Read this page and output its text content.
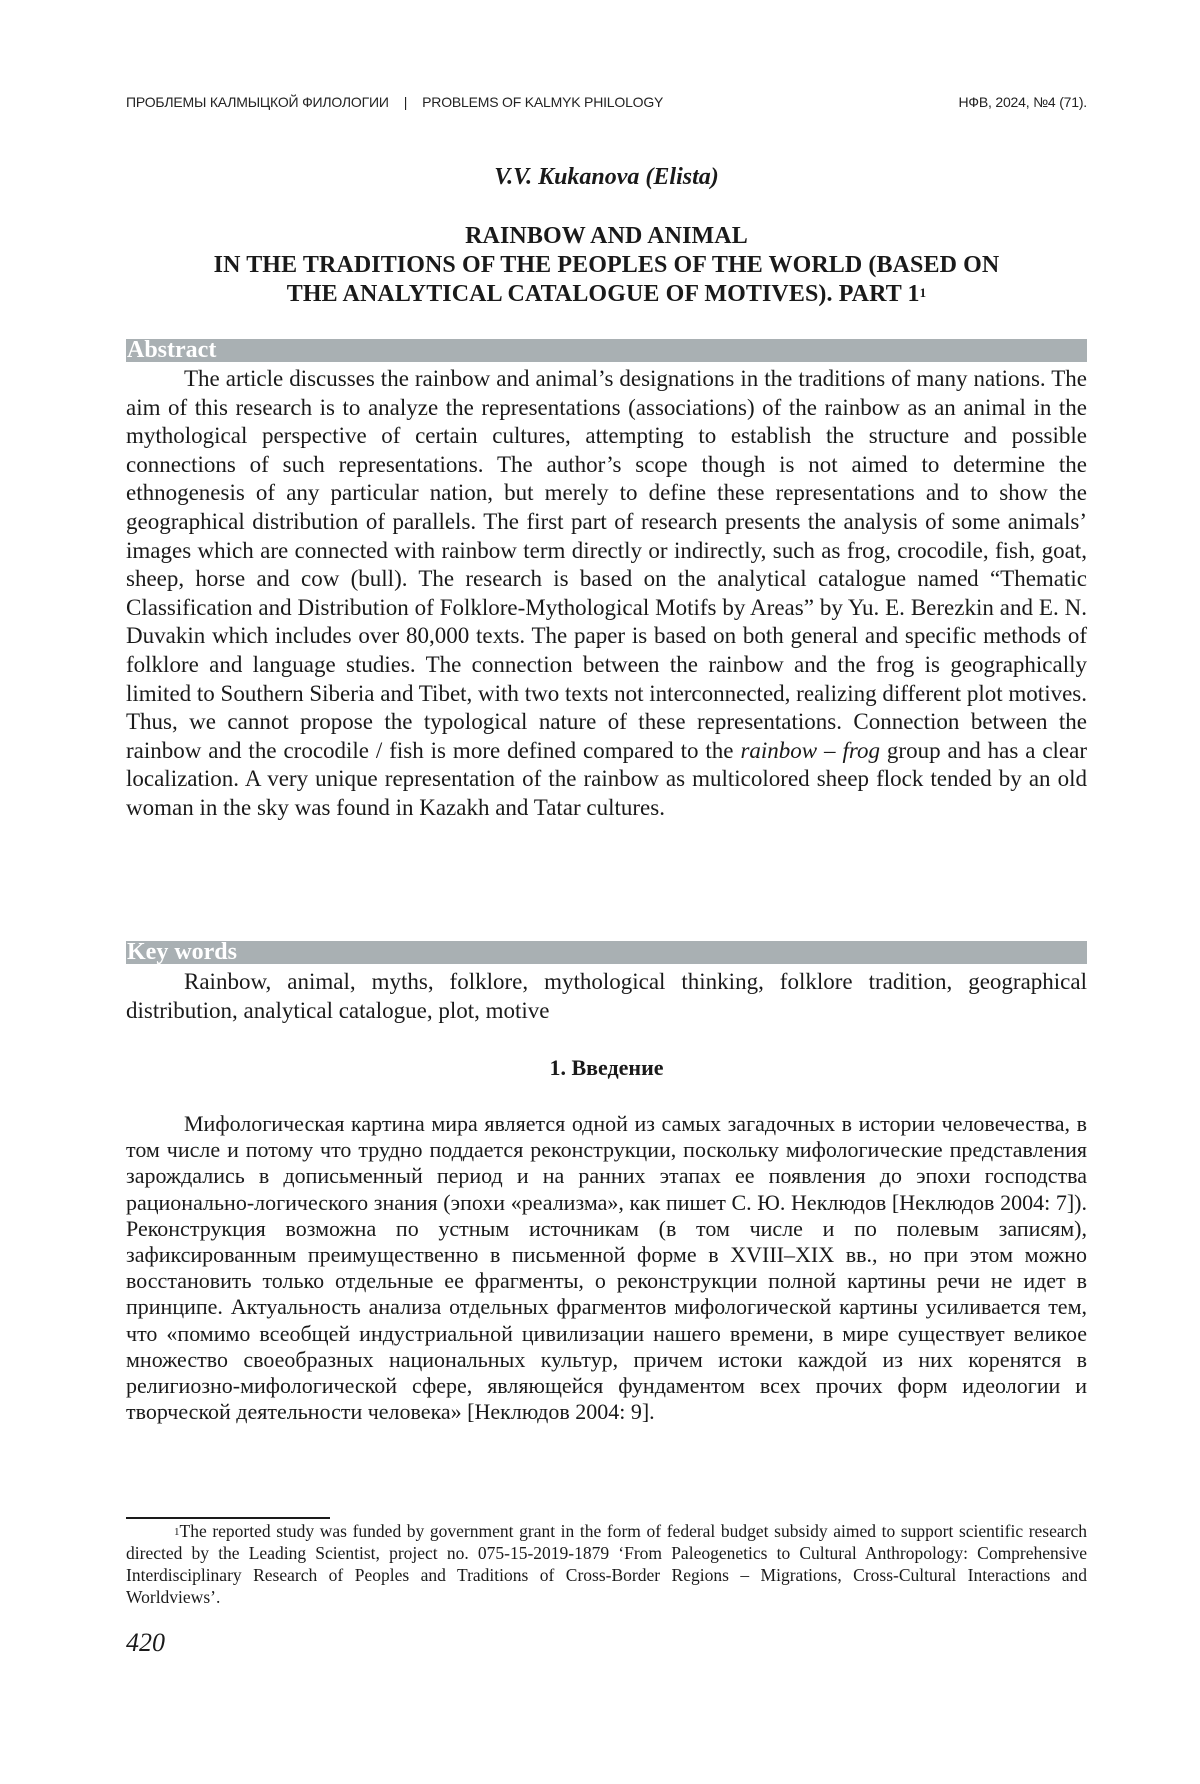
ПРОБЛЕМЫ КАЛМЫЦКОЙ ФИЛОЛОГИИ | PROBLEMS OF KALMYK PHILOLOGY	НФВ, 2024, №4 (71).
V.V. Kukanova (Elista)
RAINBOW AND ANIMAL
IN THE TRADITIONS OF THE PEOPLES OF THE WORLD (BASED ON
THE ANALYTICAL CATALOGUE OF MOTIVES). PART $1^1$
Abstract

The article discusses the rainbow and animal’s designations in the traditions of many nations. The aim of this research is to analyze the representations (associations) of the rainbow as an animal in the mythological perspective of certain cultures, attempting to establish the structure and possible connections of such representations. The author’s scope though is not aimed to determine the ethnogenesis of any particular nation, but merely to define these representations and to show the geographical distribution of parallels. The first part of research presents the analysis of some animals’ images which are connected with rainbow term directly or indirectly, such as frog, crocodile, fish, goat, sheep, horse and cow (bull). The research is based on the analytical catalogue named “Thematic Classification and Distribution of Folklore-Mythological Motifs by Areas” by Yu. E. Berezkin and E. N. Duvakin which includes over 80,000 texts. The paper is based on both general and specific methods of folklore and language studies. The connection between the rainbow and the frog is geographically limited to Southern Siberia and Tibet, with two texts not interconnected, realizing different plot motives. Thus, we cannot propose the typological nature of these representations. Connection between the rainbow and the crocodile / fish is more defined compared to the rainbow – frog group and has a clear localization. A very unique representation of the rainbow as multicolored sheep flock tended by an old woman in the sky was found in Kazakh and Tatar cultures.

Key words

Rainbow, animal, myths, folklore, mythological thinking, folklore tradition, geographical distribution, analytical catalogue, plot, motive

1. Введение

Мифологическая картина мира является одной из самых загадочных в истории человечества, в том числе и потому что трудно поддается реконструкции, поскольку мифологические представления зарождались в дописьменный период и на ранних этапах ее появления до эпохи господства рационально-логического знания (эпохи «реализма», как пишет С. Ю. Неклюдов [Неклюдов 2004: 7]). Реконструкция возможна по устным источникам (в том числе и по полевым записям), зафиксированным преимущественно в письменной форме в XVIII–XIX вв., но при этом можно восстановить только отдельные ее фрагменты, о реконструкции полной картины речи не идет в принципе. Актуальность анализа отдельных фрагментов мифологической картины усиливается тем, что «помимо всеобщей индустриальной цивилизации нашего времени, в мире существует великое множество своеобразных национальных культур, причем истоки каждой из них коренятся в религиозно-мифологической сфере, являющейся фундаментом всех прочих форм идеологии и творческой деятельности человека» [Неклюдов 2004: 9].

$^1$The reported study was funded by government grant in the form of federal budget subsidy aimed to support scientific research directed by the Leading Scientist, project no. 075-15-2019-1879 ‘From Paleogenetics to Cultural Anthropology: Comprehensive Interdisciplinary Research of Peoples and Traditions of Cross-Border Regions – Migrations, Cross-Cultural Interactions and Worldviews’.

420
